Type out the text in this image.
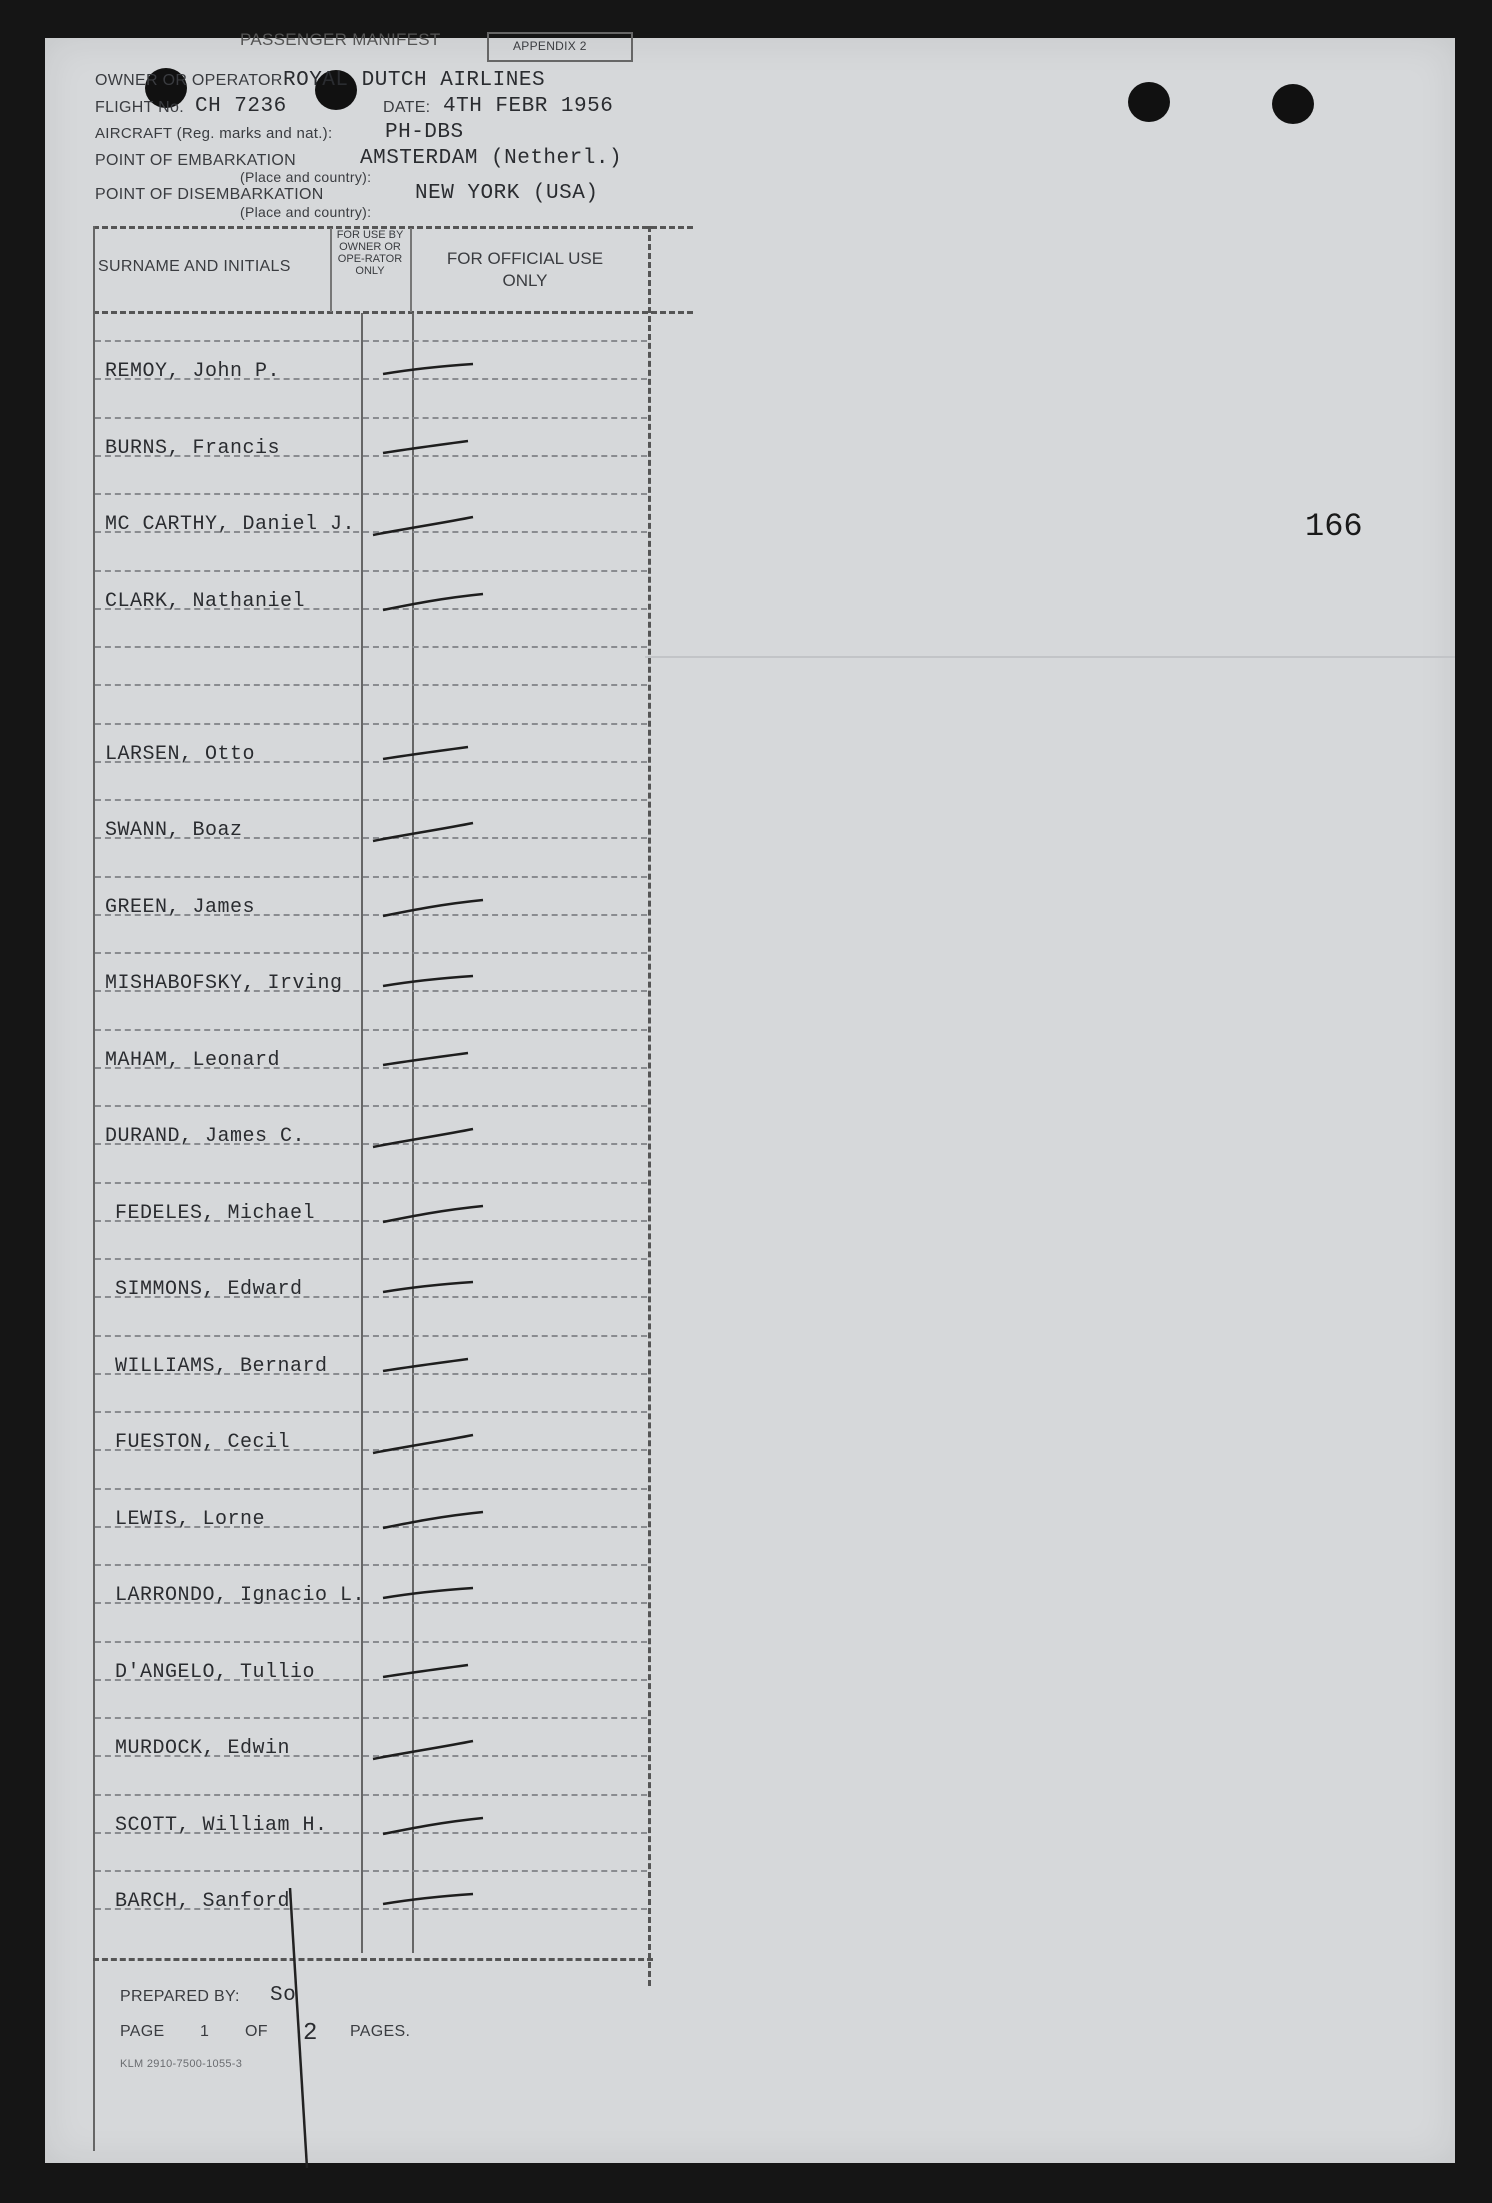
PASSENGER MANIFEST	APPENDIX 2
OWNER OR OPERATOR ROYAL DUTCH AIRLINES
FLIGHT No. CH 7236	DATE: 4TH FEBR 1956
AIRCRAFT (Reg. marks and nat.):	PH-DBS
POINT OF EMBARKATION	AMSTERDAM (Netherl.)
(Place and country):
POINT OF DISEMBARKATION	NEW YORK (USA)
(Place and country):
SURNAME AND INITIALS
FOR USE BY OWNER OR OPE-RATOR ONLY
FOR OFFICIAL USE ONLY
REMOY, John P.
BURNS, Francis
MC CARTHY, Daniel J.
CLARK, Nathaniel
LARSEN, Otto
SWANN, Boaz
GREEN, James
MISHABOFSKY, Irving
MAHAM, Leonard
DURAND, James C.
FEDELES, Michael
SIMMONS, Edward
WILLIAMS, Bernard
FUESTON, Cecil
LEWIS, Lorne
LARRONDO, Ignacio L.
D'ANGELO, Tullio
MURDOCK, Edwin
SCOTT, William H.
BARCH, Sanford
166
PREPARED BY: So
PAGE 1 OF 2 PAGES.
KLM 2910-7500-1055-3
